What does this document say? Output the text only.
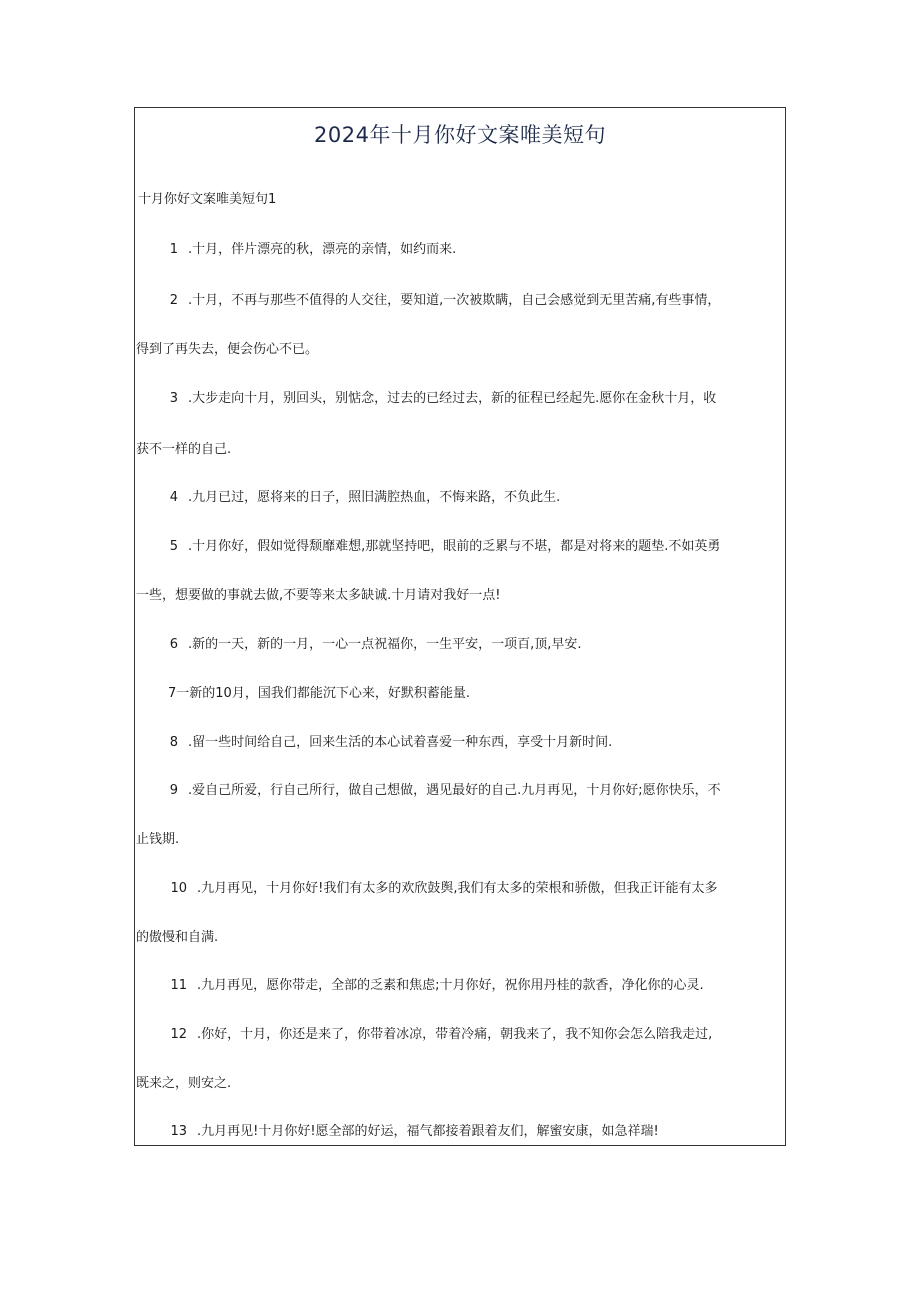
2024年十月你好文案唯美短句
十月你好文案唯美短句1
1 .十月，伴片漂亮的秋，漂亮的亲情，如约而来.
2 .十月，不再与那些不值得的人交往，要知道,一次被欺瞒，自己会感觉到无里苦痛,有些事情，
得到了再失去，便会伤心不已。
3 .大步走向十月，别回头，别惦念，过去的已经过去，新的征程已经起先.愿你在金秋十月，收
获不一样的自己.
4 .九月已过，愿将来的日子，照旧满腔热血，不悔来路，不负此生.
5 .十月你好，假如觉得颓靡难想,那就坚持吧，眼前的乏累与不堪，都是对将来的题垫.不如英勇
一些，想要做的事就去做,不要等来太多缺诚.十月请对我好一点!
6 .新的一天，新的一月，一心一点祝福你，一生平安，一项百,顶,早安.
7一新的10月，国我们都能沉下心来，好默积蓄能量.
8 .留一些时间给自己，回来生活的本心试着喜爱一种东西，享受十月新时间.
9 .爱自己所爱，行自己所行，做自己想做，遇见最好的自己.九月再见，十月你好;愿你快乐，不
止钱期.
10 .九月再见，十月你好!我们有太多的欢欣鼓舆,我们有太多的荣根和骄傲，但我正讦能有太多
的傲慢和自满.
11 .九月再见，愿你带走，全部的乏素和焦虑;十月你好，祝你用丹桂的款香，净化你的心灵.
12 .你好，十月，你还是来了，你带着冰凉，带着冷痛，朝我来了，我不知你会怎么陪我走过,
既来之，则安之.
13 .九月再见!十月你好!愿全部的好运，福气都接着跟着友们，解蜜安康，如急祥瑞!
